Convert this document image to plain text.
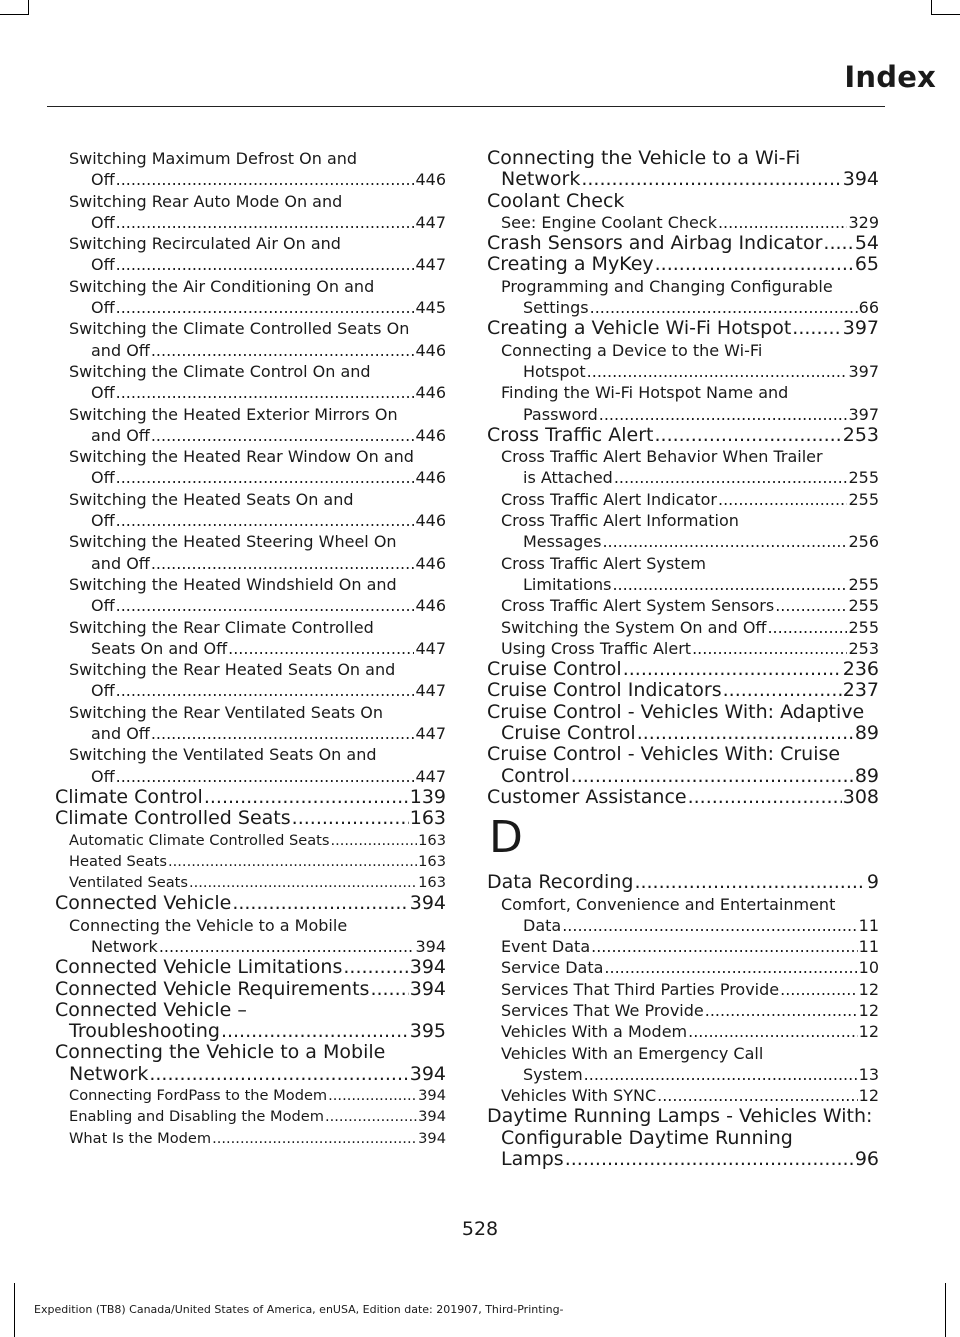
Index
Switching Maximum Defrost On and
Off .....	446
Switching Rear Auto Mode On and
Off .....	447
Switching Recirculated Air On and
Off .....	447
Switching the Air Conditioning On and
Off .....	445
Switching the Climate Controlled Seats On
and Off .....	446
Switching the Climate Control On and
Off .....	446
Switching the Heated Exterior Mirrors On
and Off .....	446
Switching the Heated Rear Window On and
Off .....	446
Switching the Heated Seats On and
Off .....	446
Switching the Heated Steering Wheel On
and Off .....	446
Switching the Heated Windshield On and
Off .....	446
Switching the Rear Climate Controlled
Seats On and Off .....	447
Switching the Rear Heated Seats On and
Off .....	447
Switching the Rear Ventilated Seats On
and Off .....	447
Switching the Ventilated Seats On and
Off .....	447
Climate Control .....	139
Climate Controlled Seats .....	163
Automatic Climate Controlled Seats .....	163
Heated Seats .....	163
Ventilated Seats .....	163
Connected Vehicle .....	394
Connecting the Vehicle to a Mobile
Network .....	394
Connected Vehicle Limitations .....	394
Connected Vehicle Requirements ..... 394
Connected Vehicle –
Troubleshooting .....	395
Connecting the Vehicle to a Mobile
Network .....	394
Connecting FordPass to the Modem .....	394
Enabling and Disabling the Modem .....	394
What Is the Modem .....	394
Connecting the Vehicle to a Wi-Fi
Network .....	394
Coolant Check
See: Engine Coolant Check .....	329
Crash Sensors and Airbag Indicator ..... 54
Creating a MyKey .....	65
Programming and Changing Configurable
Settings .....	66
Creating a Vehicle Wi-Fi Hotspot .....	397
Connecting a Device to the Wi-Fi
Hotspot .....	397
Finding the Wi-Fi Hotspot Name and
Password .....	397
Cross Traffic Alert .....	253
Cross Traffic Alert Behavior When Trailer
is Attached .....	255
Cross Traffic Alert Indicator .....	255
Cross Traffic Alert Information
Messages .....	256
Cross Traffic Alert System
Limitations .....	255
Cross Traffic Alert System Sensors .....	255
Switching the System On and Off .....	255
Using Cross Traffic Alert .....	253
Cruise Control .....	236
Cruise Control Indicators .....	237
Cruise Control - Vehicles With: Adaptive
Cruise Control .....	89
Cruise Control - Vehicles With: Cruise
Control .....	89
Customer Assistance .....	308
D
Data Recording .....	9
Comfort, Convenience and Entertainment
Data .....	11
Event Data .....	11
Service Data .....	10
Services That Third Parties Provide .....	12
Services That We Provide .....	12
Vehicles With a Modem .....	12
Vehicles With an Emergency Call
System .....	13
Vehicles With SYNC .....	12
Daytime Running Lamps - Vehicles With:
Configurable Daytime Running
Lamps .....	96
528
Expedition (TB8) Canada/United States of America, enUSA, Edition date: 201907, Third-Printing-
